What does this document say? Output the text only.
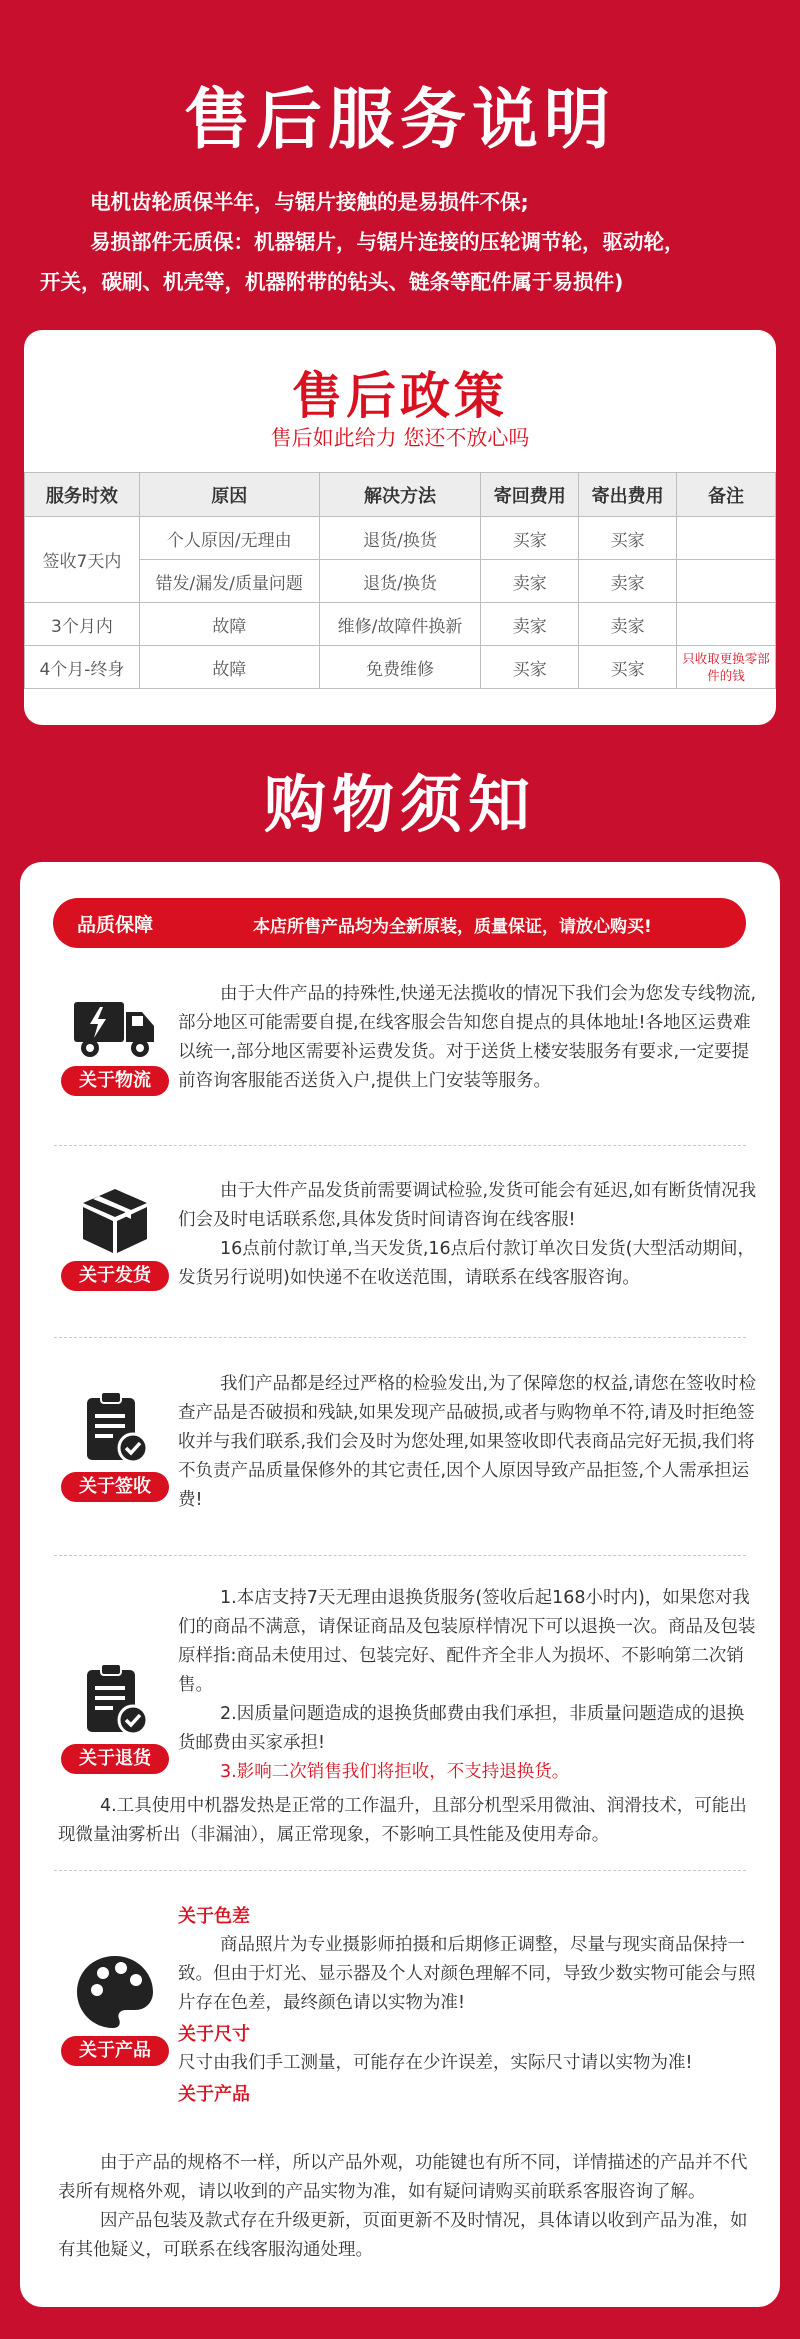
售后服务说明
电机齿轮质保半年，与锯片接触的是易损件不保;
易损部件无质保：机器锯片，与锯片连接的压轮调节轮，驱动轮，
开关，碳刷、机壳等，机器附带的钻头、链条等配件属于易损件)
售后政策
售后如此给力 您还不放心吗
服务时效	原因	解决方法	寄回费用	寄出费用	备注
签收7天内	个人原因/无理由	退货/换货	买家	买家	
	错发/漏发/质量问题	退货/换货	卖家	卖家	
3个月内	故障	维修/故障件换新	卖家	卖家	
4个月-终身	故障	免费维修	买家	买家	只收取更换零部件的钱
购物须知
品质保障	本店所售产品均为全新原装，质量保证，请放心购买!
关于物流

由于大件产品的持殊性,快递无法揽收的情况下我们会为您发专线物流,部分地区可能需要自提,在线客服会告知您自提点的具体地址!各地区运费难以统一,部分地区需要补运费发货。对于送货上楼安装服务有要求,一定要提前咨询客服能否送货入户,提供上门安装等服务。

关于发货

由于大件产品发货前需要调试检验,发货可能会有延迟,如有断货情况我们会及时电话联系您,具体发货时间请咨询在线客服!

16点前付款订单,当天发货,16点后付款订单次日发货(大型活动期间，发货另行说明)如快递不在收送范围，请联系在线客服咨询。

关于签收

我们产品都是经过严格的检验发出,为了保障您的权益,请您在签收时检查产品是否破损和残缺,如果发现产品破损,或者与购物单不符,请及时拒绝签收并与我们联系,我们会及时为您处理,如果签收即代表商品完好无损,我们将不负责产品质量保修外的其它责任,因个人原因导致产品拒签,个人需承担运费!

关于退货

1.本店支持7天无理由退换货服务(签收后起168小时内)，如果您对我们的商品不满意，请保证商品及包装原样情况下可以退换一次。商品及包装原样指:商品未使用过、包装完好、配件齐全非人为损坏、不影响第二次销售。

2.因质量问题造成的退换货邮费由我们承担，非质量问题造成的退换货邮费由买家承担!

3.影响二次销售我们将拒收，不支持退换货。

4.工具使用中机器发热是正常的工作温升，且部分机型采用微油、润滑技术，可能出现微量油雾析出（非漏油），属正常现象，不影响工具性能及使用寿命。

关于产品
关于色差

商品照片为专业摄影师拍摄和后期修正调整，尽量与现实商品保持一致。但由于灯光、显示器及个人对颜色理解不同，导致少数实物可能会与照片存在色差，最终颜色请以实物为准!

关于尺寸
尺寸由我们手工测量，可能存在少许误差，实际尺寸请以实物为准!
关于产品

由于产品的规格不一样，所以产品外观，功能键也有所不同，详情描述的产品并不代表所有规格外观，请以收到的产品实物为准，如有疑问请购买前联系客服咨询了解。

因产品包装及款式存在升级更新，页面更新不及时情况，具体请以收到产品为准，如有其他疑义，可联系在线客服沟通处理。
